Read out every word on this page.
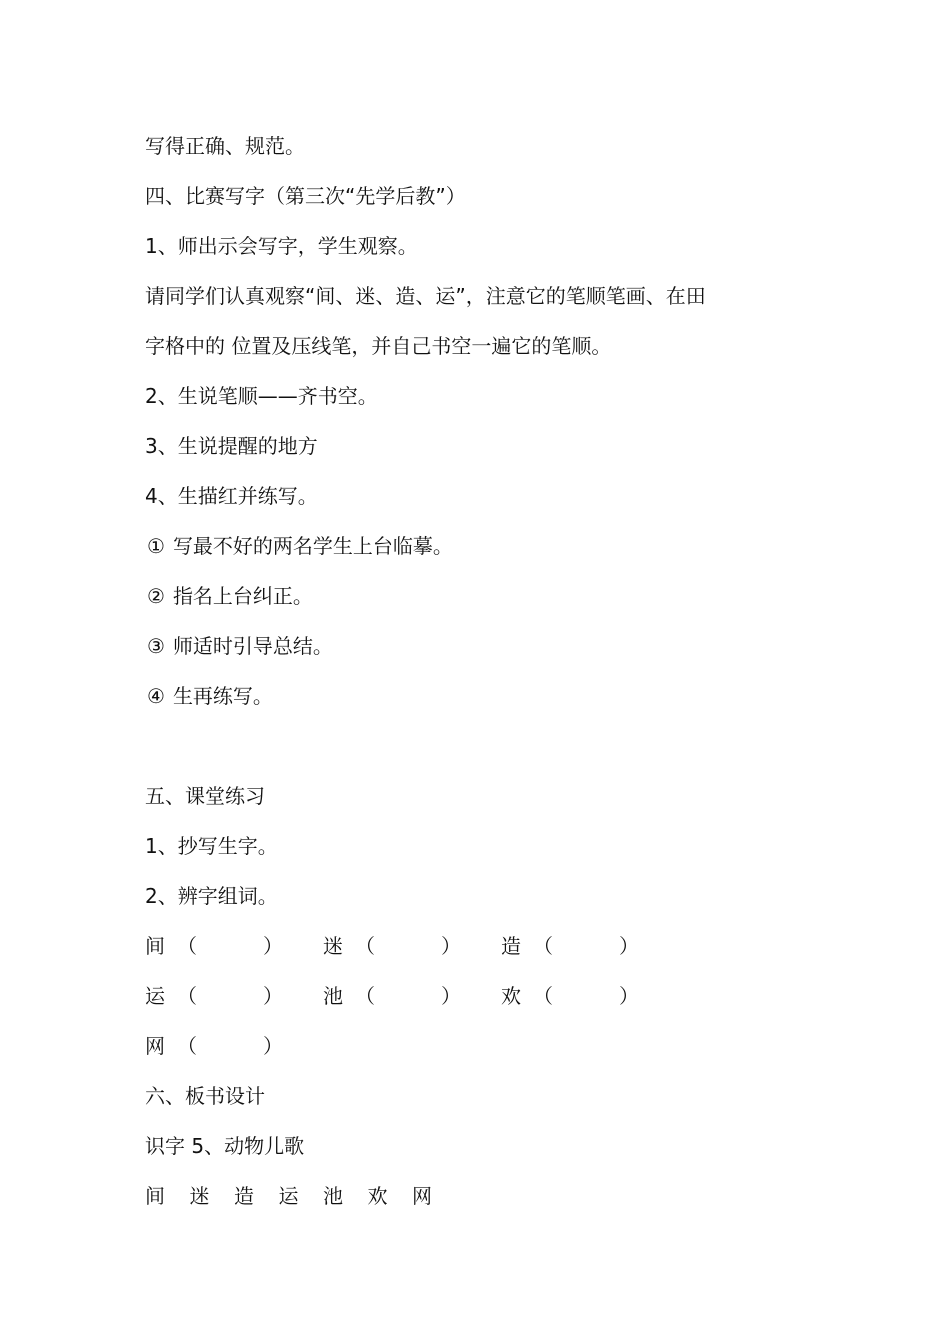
写得正确、规范。
四、比赛写字（第三次“先学后教”）
1、师出示会写字，学生观察。
请同学们认真观察“间、迷、造、运”，注意它的笔顺笔画、在田
字格中的 位置及压线笔，并自己书空一遍它的笔顺。
2、生说笔顺——齐书空。
3、生说提醒的地方
4、生描红并练写。
① 写最不好的两名学生上台临摹。
② 指名上台纠正。
③ 师适时引导总结。
④ 生再练写。
五、课堂练习
1、抄写生字。
2、辨字组词。
间 （	） 迷 （	） 造 （	）
运 （	） 池 （	） 欢 （	）
网 （	）
六、板书设计
识字 5、动物儿歌
间	迷	造	运	池	欢	网
